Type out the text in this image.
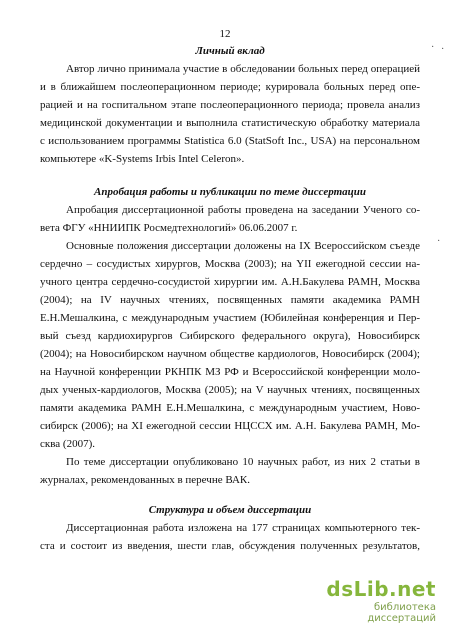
12
Личный вклад
Автор лично принимала участие в обследовании больных перед операцией
и в ближайшем послеоперационном периоде; курировала больных перед опе-
рацией и на госпитальном этапе послеоперационного периода; провела анализ
медицинской документации и выполнила статистическую обработку материала
с использованием программы Statistica 6.0 (StatSoft Inc., USA) на персональном
компьютере «K-Systems Irbis Intel Celeron».
Апробация работы и публикации по теме диссертации
Апробация диссертационной работы проведена на заседании Ученого со-
вета ФГУ «ННИИПК Росмедтехнологий» 06.06.2007 г.
Основные положения диссертации доложены на IX Всероссийском съезде
сердечно – сосудистых хирургов, Москва (2003); на YII ежегодной сессии на-
учного центра сердечно-сосудистой хирургии им. А.Н.Бакулева РАМН, Москва
(2004); на IV научных чтениях, посвященных памяти академика РАМН
Е.Н.Мешалкина, с международным участием (Юбилейная конференция и Пер-
вый съезд кардиохирургов Сибирского федерального округа), Новосибирск
(2004); на Новосибирском научном обществе кардиологов, Новосибирск (2004);
на Научной конференции РКНПК МЗ РФ и Всероссийской конференции моло-
дых ученых-кардиологов, Москва (2005); на V научных чтениях, посвященных
памяти академика РАМН Е.Н.Мешалкина, с международным участием, Ново-
сибирск (2006); на XI ежегодной сессии НЦССХ им. А.Н. Бакулева РАМН, Мо-
сква (2007).
По теме диссертации опубликовано 10 научных работ, из них 2 статьи в
журналах, рекомендованных в перечне ВАК.
Структура и объем диссертации
Диссертационная работа изложена на 177 страницах компьютерного тек-
ста и состоит из введения, шести глав, обсуждения полученных результатов,
· ·
·
dsLib.net
библиотека диссертаций
